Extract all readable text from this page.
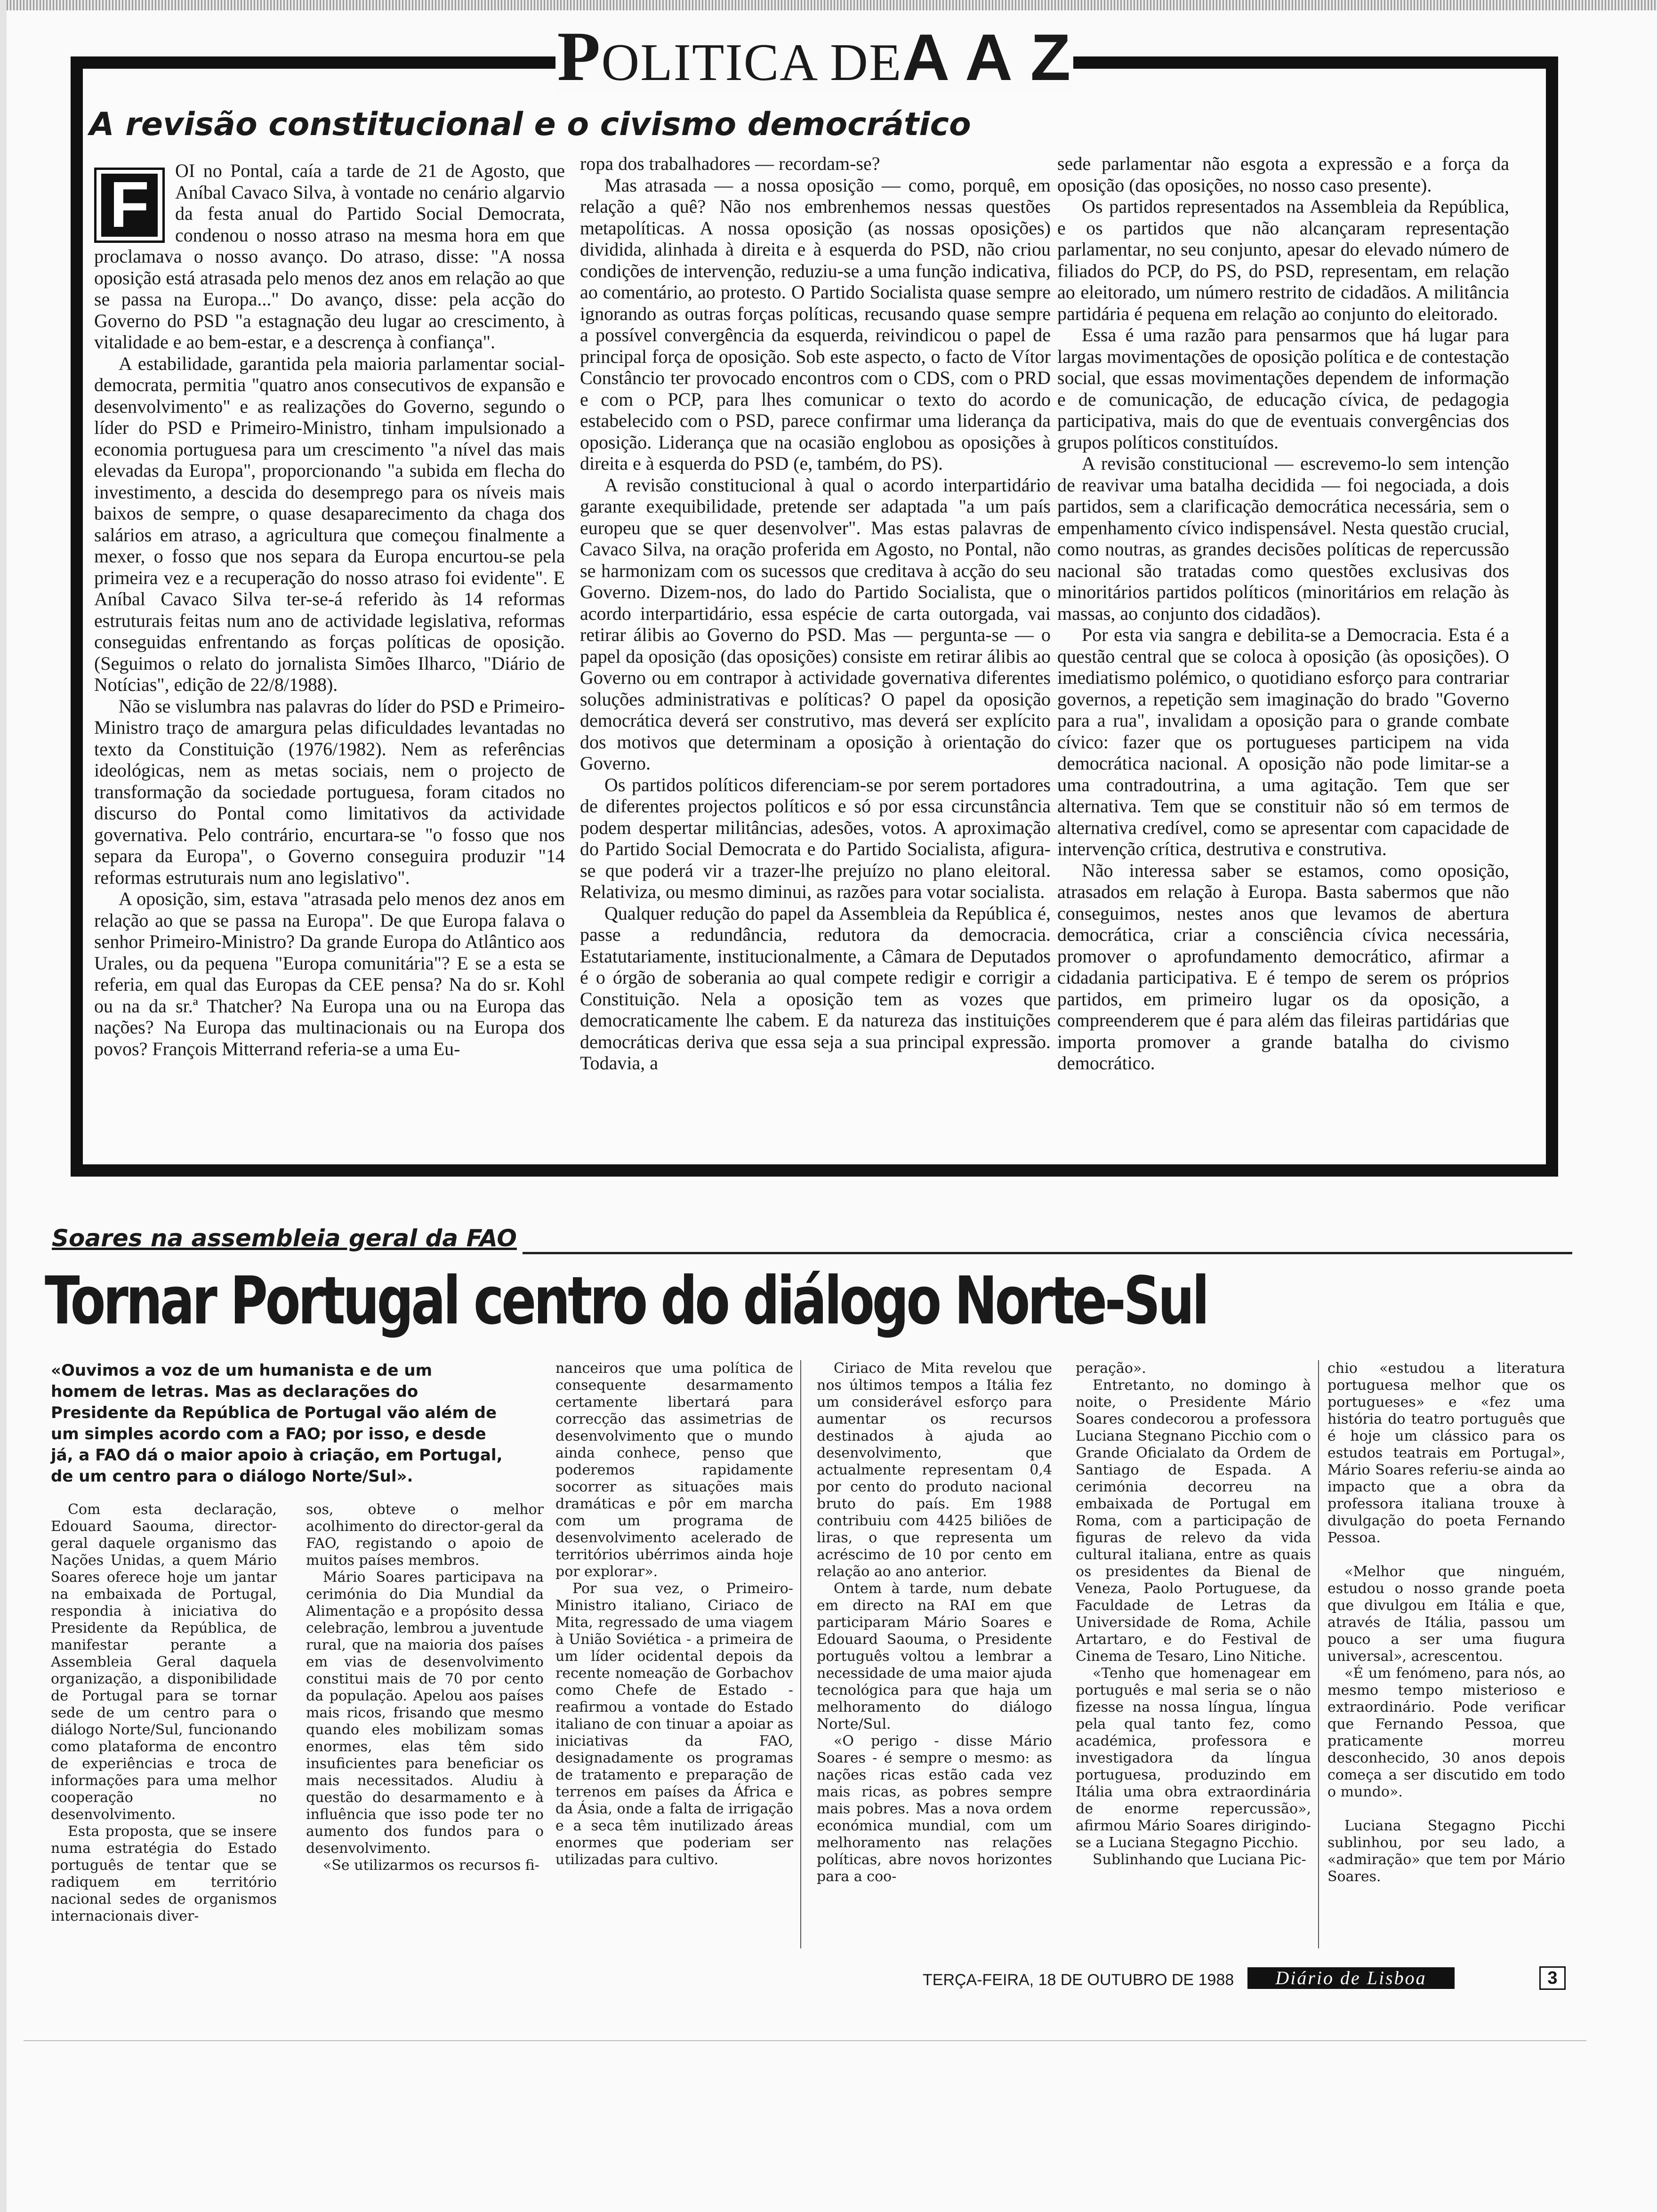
POLITICA DEA A Z
A revisão constitucional e o civismo democrático
F	OI no Pontal, caía a tarde de 21 de Agosto, que Aníbal Cavaco Silva, à vontade no cenário algarvio da festa anual do Partido Social Democrata, condenou o nosso atraso na mesma hora em que proclamava o nosso avanço. Do atraso, disse: "A nossa oposição está atrasada pelo menos dez anos em relação ao que se passa na Europa..." Do avanço, disse: pela acção do Governo do PSD "a estagnação deu lugar ao crescimento, à vitalidade e ao bem-estar, e a descrença à confiança".

A estabilidade, garantida pela maioria parlamentar social-democrata, permitia "quatro anos consecutivos de expansão e desenvolvimento" e as realizações do Governo, segundo o líder do PSD e Primeiro-Ministro, tinham impulsionado a economia portuguesa para um crescimento "a nível das mais elevadas da Europa", proporcionando "a subida em flecha do investimento, a descida do desemprego para os níveis mais baixos de sempre, o quase desaparecimento da chaga dos salários em atraso, a agricultura que começou finalmente a mexer, o fosso que nos separa da Europa encurtou-se pela primeira vez e a recuperação do nosso atraso foi evidente". E Aníbal Cavaco Silva ter-se-á referido às 14 reformas estruturais feitas num ano de actividade legislativa, reformas conseguidas enfrentando as forças políticas de oposição. (Seguimos o relato do jornalista Simões Ilharco, "Diário de Notícias", edição de 22/8/1988).

Não se vislumbra nas palavras do líder do PSD e Primeiro-Ministro traço de amargura pelas dificuldades levantadas no texto da Constituição (1976/1982). Nem as referências ideológicas, nem as metas sociais, nem o projecto de transformação da sociedade portuguesa, foram citados no discurso do Pontal como limitativos da actividade governativa. Pelo contrário, encurtara-se "o fosso que nos separa da Europa", o Governo conseguira produzir "14 reformas estruturais num ano legislativo".

A oposição, sim, estava "atrasada pelo menos dez anos em relação ao que se passa na Europa". De que Europa falava o senhor Primeiro-Ministro? Da grande Europa do Atlântico aos Urales, ou da pequena "Europa comunitária"? E se a esta se referia, em qual das Europas da CEE pensa? Na do sr. Kohl ou na da sr.ª Thatcher? Na Europa una ou na Europa das nações? Na Europa das multinacionais ou na Europa dos povos? François Mitterrand referia-se a uma Eu-

ropa dos trabalhadores — recordam-se?

Mas atrasada — a nossa oposição — como, porquê, em relação a quê? Não nos embrenhemos nessas questões metapolíticas. A nossa oposição (as nossas oposições) dividida, alinhada à direita e à esquerda do PSD, não criou condições de intervenção, reduziu-se a uma função indicativa, ao comentário, ao protesto. O Partido Socialista quase sempre ignorando as outras forças políticas, recusando quase sempre a possível convergência da esquerda, reivindicou o papel de principal força de oposição. Sob este aspecto, o facto de Vítor Constâncio ter provocado encontros com o CDS, com o PRD e com o PCP, para lhes comunicar o texto do acordo estabelecido com o PSD, parece confirmar uma liderança da oposição. Liderança que na ocasião englobou as oposições à direita e à esquerda do PSD (e, também, do PS).

A revisão constitucional à qual o acordo interpartidário garante exequibilidade, pretende ser adaptada "a um país europeu que se quer desenvolver". Mas estas palavras de Cavaco Silva, na oração proferida em Agosto, no Pontal, não se harmonizam com os sucessos que creditava à acção do seu Governo. Dizem-nos, do lado do Partido Socialista, que o acordo interpartidário, essa espécie de carta outorgada, vai retirar álibis ao Governo do PSD. Mas — pergunta-se — o papel da oposição (das oposições) consiste em retirar álibis ao Governo ou em contrapor à actividade governativa diferentes soluções administrativas e políticas? O papel da oposição democrática deverá ser construtivo, mas deverá ser explícito dos motivos que determinam a oposição à orientação do Governo.

Os partidos políticos diferenciam-se por serem portadores de diferentes projectos políticos e só por essa circunstância podem despertar militâncias, adesões, votos. A aproximação do Partido Social Democrata e do Partido Socialista, afigura-se que poderá vir a trazer-lhe prejuízo no plano eleitoral. Relativiza, ou mesmo diminui, as razões para votar socialista.

Qualquer redução do papel da Assembleia da República é, passe a redundância, redutora da democracia. Estatutariamente, institucionalmente, a Câmara de Deputados é o órgão de soberania ao qual compete redigir e corrigir a Constituição. Nela a oposição tem as vozes que democraticamente lhe cabem. E da natureza das instituições democráticas deriva que essa seja a sua principal expressão. Todavia, a

sede parlamentar não esgota a expressão e a força da oposição (das oposições, no nosso caso presente).

Os partidos representados na Assembleia da República, e os partidos que não alcançaram representação parlamentar, no seu conjunto, apesar do elevado número de filiados do PCP, do PS, do PSD, representam, em relação ao eleitorado, um número restrito de cidadãos. A militância partidária é pequena em relação ao conjunto do eleitorado.

Essa é uma razão para pensarmos que há lugar para largas movimentações de oposição política e de contestação social, que essas movimentações dependem de informação e de comunicação, de educação cívica, de pedagogia participativa, mais do que de eventuais convergências dos grupos políticos constituídos.

A revisão constitucional — escrevemo-lo sem intenção de reavivar uma batalha decidida — foi negociada, a dois partidos, sem a clarificação democrática necessária, sem o empenhamento cívico indispensável. Nesta questão crucial, como noutras, as grandes decisões políticas de repercussão nacional são tratadas como questões exclusivas dos minoritários partidos políticos (minoritários em relação às massas, ao conjunto dos cidadãos).

Por esta via sangra e debilita-se a Democracia. Esta é a questão central que se coloca à oposição (às oposições). O imediatismo polémico, o quotidiano esforço para contrariar governos, a repetição sem imaginação do brado "Governo para a rua", invalidam a oposição para o grande combate cívico: fazer que os portugueses participem na vida democrática nacional. A oposição não pode limitar-se a uma contradoutrina, a uma agitação. Tem que ser alternativa. Tem que se constituir não só em termos de alternativa credível, como se apresentar com capacidade de intervenção crítica, destrutiva e construtiva.

Não interessa saber se estamos, como oposição, atrasados em relação à Europa. Basta sabermos que não conseguimos, nestes anos que levamos de abertura democrática, criar a consciência cívica necessária, promover o aprofundamento democrático, afirmar a cidadania participativa. E é tempo de serem os próprios partidos, em primeiro lugar os da oposição, a compreenderem que é para além das fileiras partidárias que importa promover a grande batalha do civismo democrático.

Soares na assembleia geral da FAO
Tornar Portugal centro do diálogo Norte-Sul
«Ouvimos a voz de um humanista e de um homem de letras. Mas as declarações do Presidente da República de Portugal vão além de um simples acordo com a FAO; por isso, e desde já, a FAO dá o maior apoio à criação, em Portugal, de um centro para o diálogo Norte/Sul».

Com esta declaração, Edouard Saouma, director-geral daquele organismo das Nações Unidas, a quem Mário Soares oferece hoje um jantar na embaixada de Portugal, respondia à iniciativa do Presidente da República, de manifestar perante a Assembleia Geral daquela organização, a disponibilidade de Portugal para se tornar sede de um centro para o diálogo Norte/Sul, funcionando como plataforma de encontro de experiências e troca de informações para uma melhor cooperação no desenvolvimento.

Esta proposta, que se insere numa estratégia do Estado português de tentar que se radiquem em território nacional sedes de organismos internacionais diver-

sos, obteve o melhor acolhimento do director-geral da FAO, registando o apoio de muitos países membros.

Mário Soares participava na cerimónia do Dia Mundial da Alimentação e a propósito dessa celebração, lembrou a juventude rural, que na maioria dos países em vias de desenvolvimento constitui mais de 70 por cento da população. Apelou aos países mais ricos, frisando que mesmo quando eles mobilizam somas enormes, elas têm sido insuficientes para beneficiar os mais necessitados. Aludiu à questão do desarmamento e à influência que isso pode ter no aumento dos fundos para o desenvolvimento.

«Se utilizarmos os recursos fi-

nanceiros que uma política de consequente desarmamento certamente libertará para correcção das assimetrias de desenvolvimento que o mundo ainda conhece, penso que poderemos rapidamente socorrer as situações mais dramáticas e pôr em marcha com um programa de desenvolvimento acelerado de territórios ubérrimos ainda hoje por explorar».

Por sua vez, o Primeiro-Ministro italiano, Ciriaco de Mita, regressado de uma viagem à União Soviética - a primeira de um líder ocidental depois da recente nomeação de Gorbachov como Chefe de Estado - reafirmou a vontade do Estado italiano de con tinuar a apoiar as iniciativas da FAO, designadamente os programas de tratamento e preparação de terrenos em países da África e da Ásia, onde a falta de irrigação e a seca têm inutilizado áreas enormes que poderiam ser utilizadas para cultivo.

Ciriaco de Mita revelou que nos últimos tempos a Itália fez um considerável esforço para aumentar os recursos destinados à ajuda ao desenvolvimento, que actualmente representam 0,4 por cento do produto nacional bruto do país. Em 1988 contribuiu com 4425 biliões de liras, o que representa um acréscimo de 10 por cento em relação ao ano anterior.

Ontem à tarde, num debate em directo na RAI em que participaram Mário Soares e Edouard Saouma, o Presidente português voltou a lembrar a necessidade de uma maior ajuda tecnológica para que haja um melhoramento do diálogo Norte/Sul.

«O perigo - disse Mário Soares - é sempre o mesmo: as nações ricas estão cada vez mais ricas, as pobres sempre mais pobres. Mas a nova ordem económica mundial, com um melhoramento nas relações políticas, abre novos horizontes para a coo-

peração».

Entretanto, no domingo à noite, o Presidente Mário Soares condecorou a professora Luciana Stegnano Picchio com o Grande Oficialato da Ordem de Santiago de Espada. A cerimónia decorreu na embaixada de Portugal em Roma, com a participação de figuras de relevo da vida cultural italiana, entre as quais os presidentes da Bienal de Veneza, Paolo Portuguese, da Faculdade de Letras da Universidade de Roma, Achile Artartaro, e do Festival de Cinema de Tesaro, Lino Nitiche.

«Tenho que homenagear em português e mal seria se o não fizesse na nossa língua, língua pela qual tanto fez, como académica, professora e investigadora da língua portuguesa, produzindo em Itália uma obra extraordinária de enorme repercussão», afirmou Mário Soares dirigindo-se a Luciana Stegagno Picchio.

Sublinhando que Luciana Pic-

chio «estudou a literatura portuguesa melhor que os portugueses» e «fez uma história do teatro português que é hoje um clássico para os estudos teatrais em Portugal», Mário Soares referiu-se ainda ao impacto que a obra da professora italiana trouxe à divulgação do poeta Fernando Pessoa.

«Melhor que ninguém, estudou o nosso grande poeta que divulgou em Itália e que, através de Itália, passou um pouco a ser uma fiugura universal», acrescentou.

«É um fenómeno, para nós, ao mesmo tempo misterioso e extraordinário. Pode verificar que Fernando Pessoa, que praticamente morreu desconhecido, 30 anos depois começa a ser discutido em todo o mundo».

Luciana Stegagno Picchi sublinhou, por seu lado, a «admiração» que tem por Mário Soares.

TERÇA-FEIRA, 18 DE OUTUBRO DE 1988	Diário de Lisboa	3
